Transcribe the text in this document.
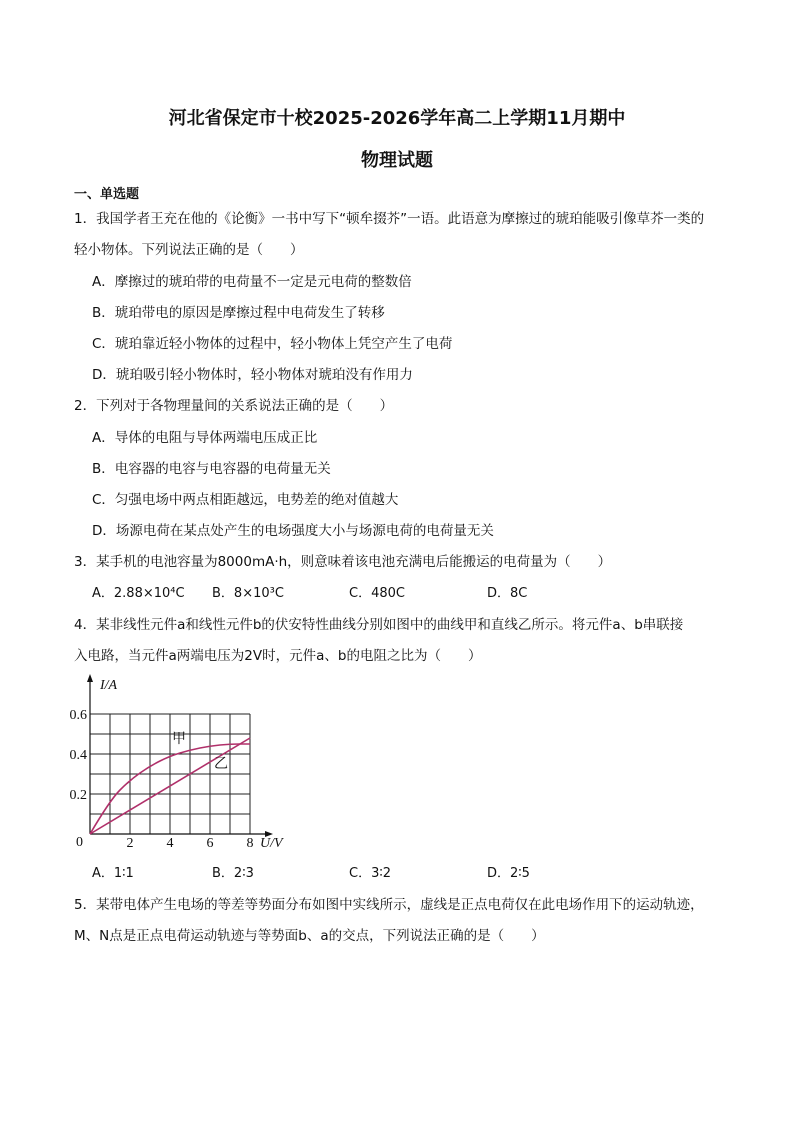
河北省保定市十校2025-2026学年高二上学期11月期中
物理试题
一、单选题
1．我国学者王充在他的《论衡》一书中写下“顿牟掇芥”一语。此语意为摩擦过的琥珀能吸引像草芥一类的
轻小物体。下列说法正确的是（　　）
A．摩擦过的琥珀带的电荷量不一定是元电荷的整数倍
B．琥珀带电的原因是摩擦过程中电荷发生了转移
C．琥珀靠近轻小物体的过程中，轻小物体上凭空产生了电荷
D．琥珀吸引轻小物体时，轻小物体对琥珀没有作用力
2．下列对于各物理量间的关系说法正确的是（　　）
A．导体的电阻与导体两端电压成正比
B．电容器的电容与电容器的电荷量无关
C．匀强电场中两点相距越远，电势差的绝对值越大
D．场源电荷在某点处产生的电场强度大小与场源电荷的电荷量无关
3．某手机的电池容量为8000mA·h，则意味着该电池充满电后能搬运的电荷量为（　　）
A．2.88×10⁴C B．8×10³C	C．480C	D．8C
4．某非线性元件a和线性元件b的伏安特性曲线分别如图中的曲线甲和直线乙所示。将元件a、b串联接
入电路，当元件a两端电压为2V时，元件a、b的电阻之比为（　　）
I/A
U/V
0
甲
乙
2 4 6 8
0.2
0.4
0.6
A．1∶1	B．2∶3	C．3∶2	D．2∶5
5．某带电体产生电场的等差等势面分布如图中实线所示，虚线是正点电荷仅在此电场作用下的运动轨迹，
M、N点是正点电荷运动轨迹与等势面b、a的交点，下列说法正确的是（　　）
